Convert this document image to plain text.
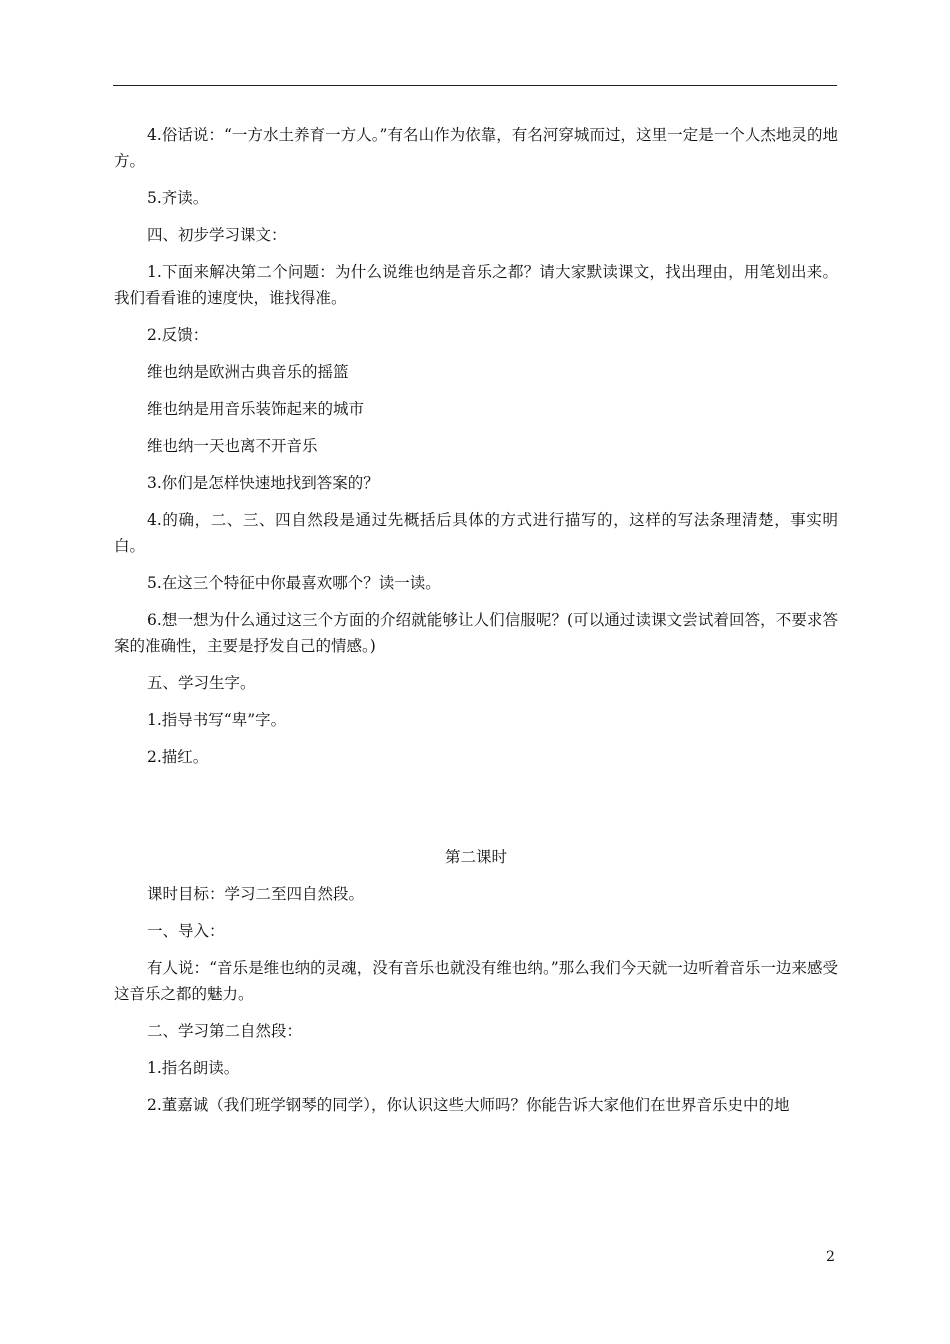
4.俗话说：“一方水土养育一方人。”有名山作为依靠，有名河穿城而过，这里一定是一个人杰地灵的地方。

5.齐读。

四、初步学习课文：

1.下面来解决第二个问题：为什么说维也纳是音乐之都？请大家默读课文，找出理由，用笔划出来。我们看看谁的速度快，谁找得准。

2.反馈：

维也纳是欧洲古典音乐的摇篮

维也纳是用音乐装饰起来的城市

维也纳一天也离不开音乐

3.你们是怎样快速地找到答案的？

4.的确，二、三、四自然段是通过先概括后具体的方式进行描写的，这样的写法条理清楚，事实明白。

5.在这三个特征中你最喜欢哪个？读一读。

6.想一想为什么通过这三个方面的介绍就能够让人们信服呢？(可以通过读课文尝试着回答，不要求答案的准确性，主要是抒发自己的情感。)

五、学习生字。

1.指导书写“卑”字。

2.描红。

第二课时

课时目标：学习二至四自然段。

一、导入：

有人说：“音乐是维也纳的灵魂，没有音乐也就没有维也纳。”那么我们今天就一边听着音乐一边来感受这音乐之都的魅力。

二、学习第二自然段：

1.指名朗读。

2.董嘉诚（我们班学钢琴的同学），你认识这些大师吗？你能告诉大家他们在世界音乐史中的地

2
